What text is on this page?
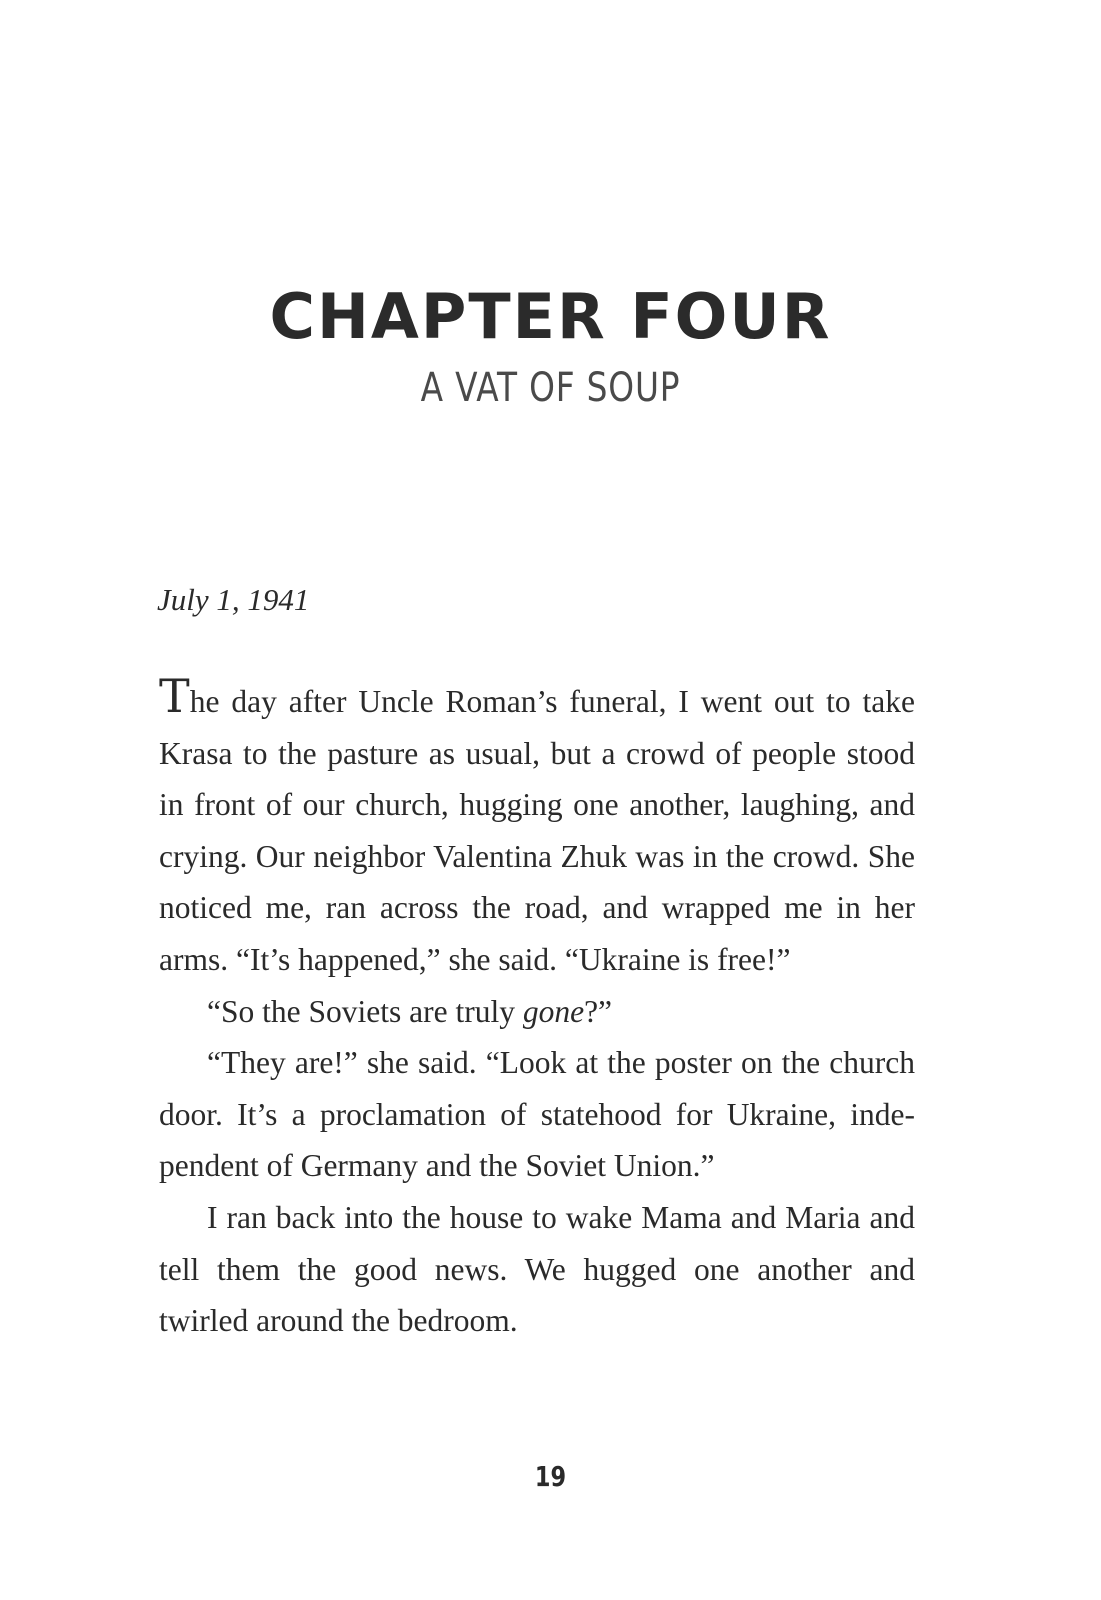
CHAPTER FOUR
A VAT OF SOUP
July 1, 1941

The day after Uncle Roman’s funeral, I went out to take Krasa to the pasture as usual, but a crowd of people stood in front of our church, hugging one another, laughing, and crying. Our neighbor Valentina Zhuk was in the crowd. She noticed me, ran across the road, and wrapped me in her arms. “It’s happened,” she said. “Ukraine is free!”

“So the Soviets are truly gone?”

“They are!” she said. “Look at the poster on the church door. It’s a proclamation of statehood for Ukraine, independent of Germany and the Soviet Union.”

I ran back into the house to wake Mama and Maria and tell them the good news. We hugged one another and twirled around the bedroom.

19
